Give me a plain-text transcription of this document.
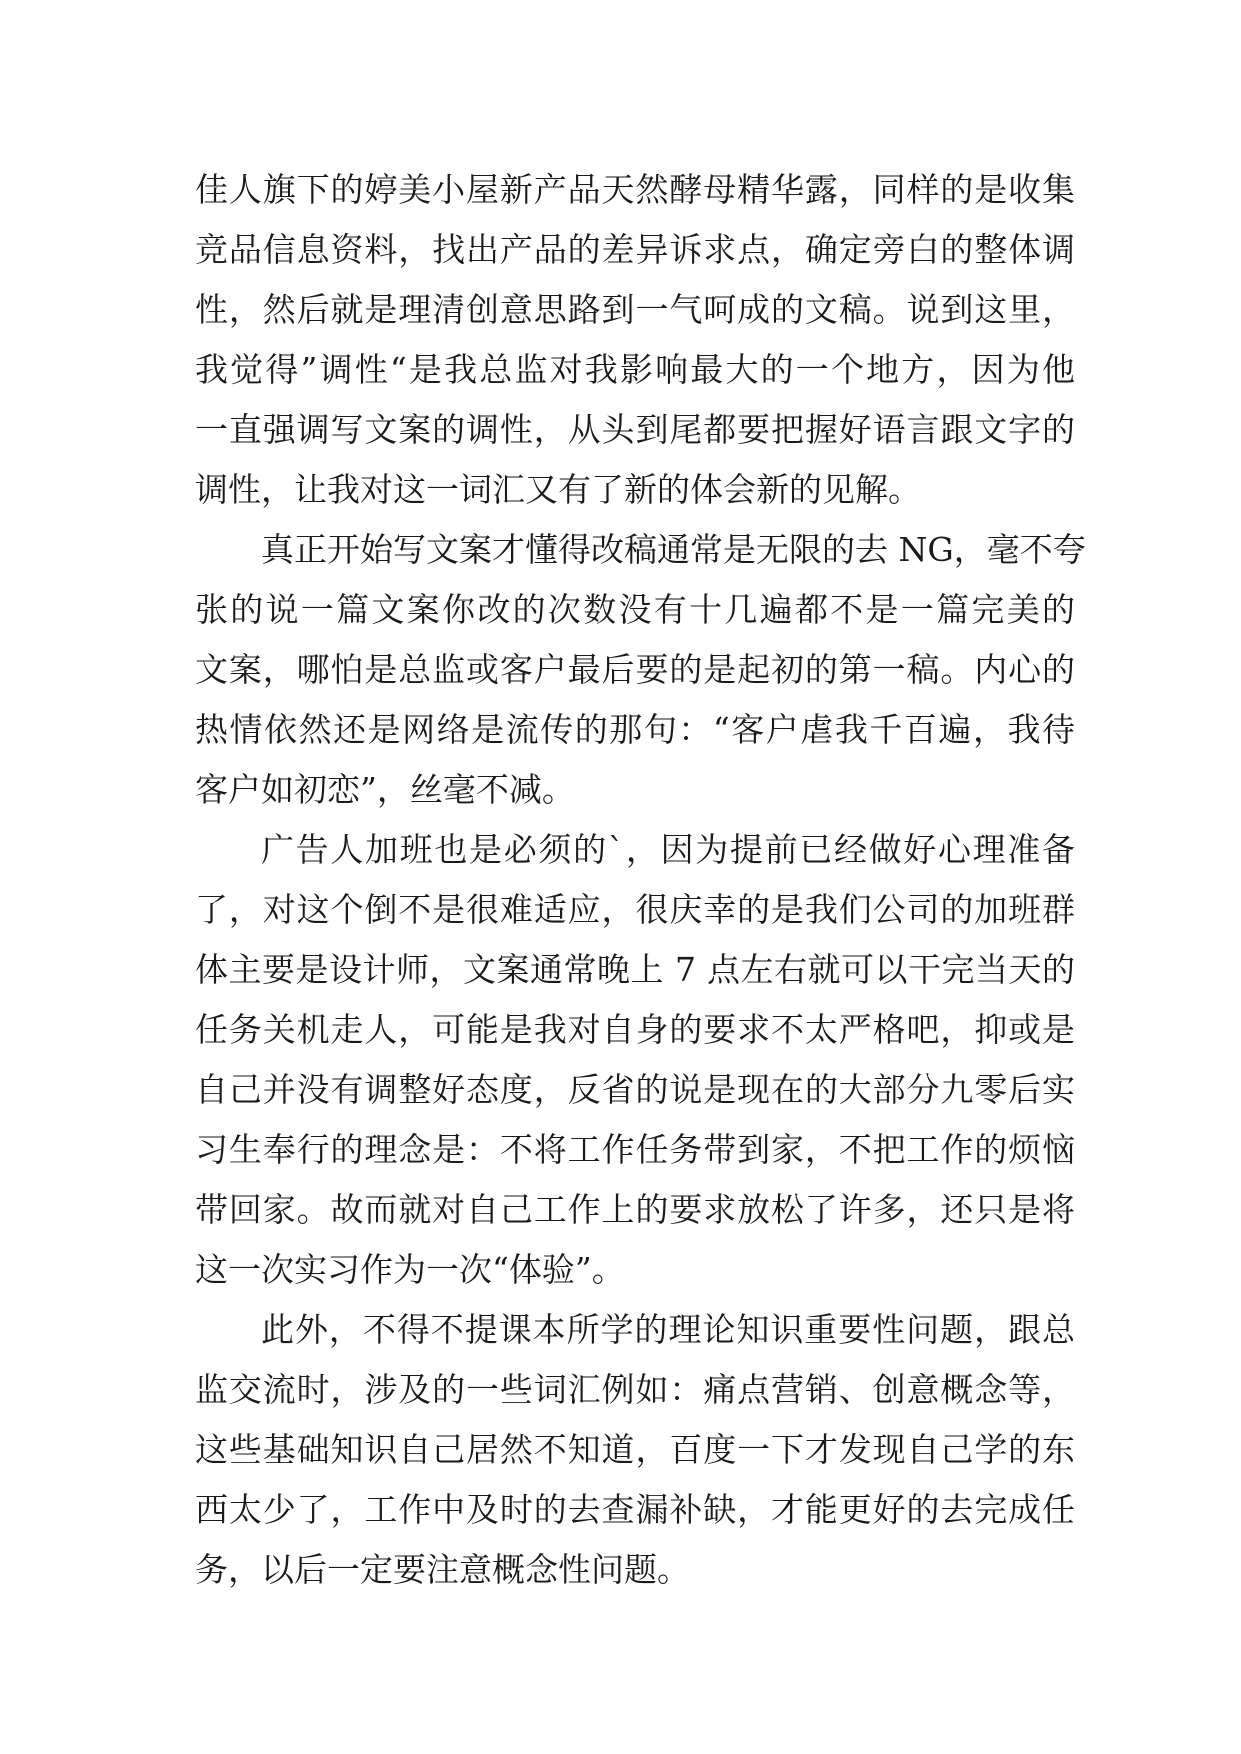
佳人旗下的婷美小屋新产品天然酵母精华露，同样的是收集
竞品信息资料，找出产品的差异诉求点，确定旁白的整体调
性，然后就是理清创意思路到一气呵成的文稿。说到这里，
我觉得”调性“是我总监对我影响最大的一个地方，因为他
一直强调写文案的调性，从头到尾都要把握好语言跟文字的
调性，让我对这一词汇又有了新的体会新的见解。
真正开始写文案才懂得改稿通常是无限的去 NG，毫不夸
张的说一篇文案你改的次数没有十几遍都不是一篇完美的
文案，哪怕是总监或客户最后要的是起初的第一稿。内心的
热情依然还是网络是流传的那句：“客户虐我千百遍，我待
客户如初恋”，丝毫不减。
广告人加班也是必须的`，因为提前已经做好心理准备
了，对这个倒不是很难适应，很庆幸的是我们公司的加班群
体主要是设计师，文案通常晚上 7 点左右就可以干完当天的
任务关机走人，可能是我对自身的要求不太严格吧，抑或是
自己并没有调整好态度，反省的说是现在的大部分九零后实
习生奉行的理念是：不将工作任务带到家，不把工作的烦恼
带回家。故而就对自己工作上的要求放松了许多，还只是将
这一次实习作为一次“体验”。
此外，不得不提课本所学的理论知识重要性问题，跟总
监交流时，涉及的一些词汇例如：痛点营销、创意概念等，
这些基础知识自己居然不知道，百度一下才发现自己学的东
西太少了，工作中及时的去查漏补缺，才能更好的去完成任
务，以后一定要注意概念性问题。
